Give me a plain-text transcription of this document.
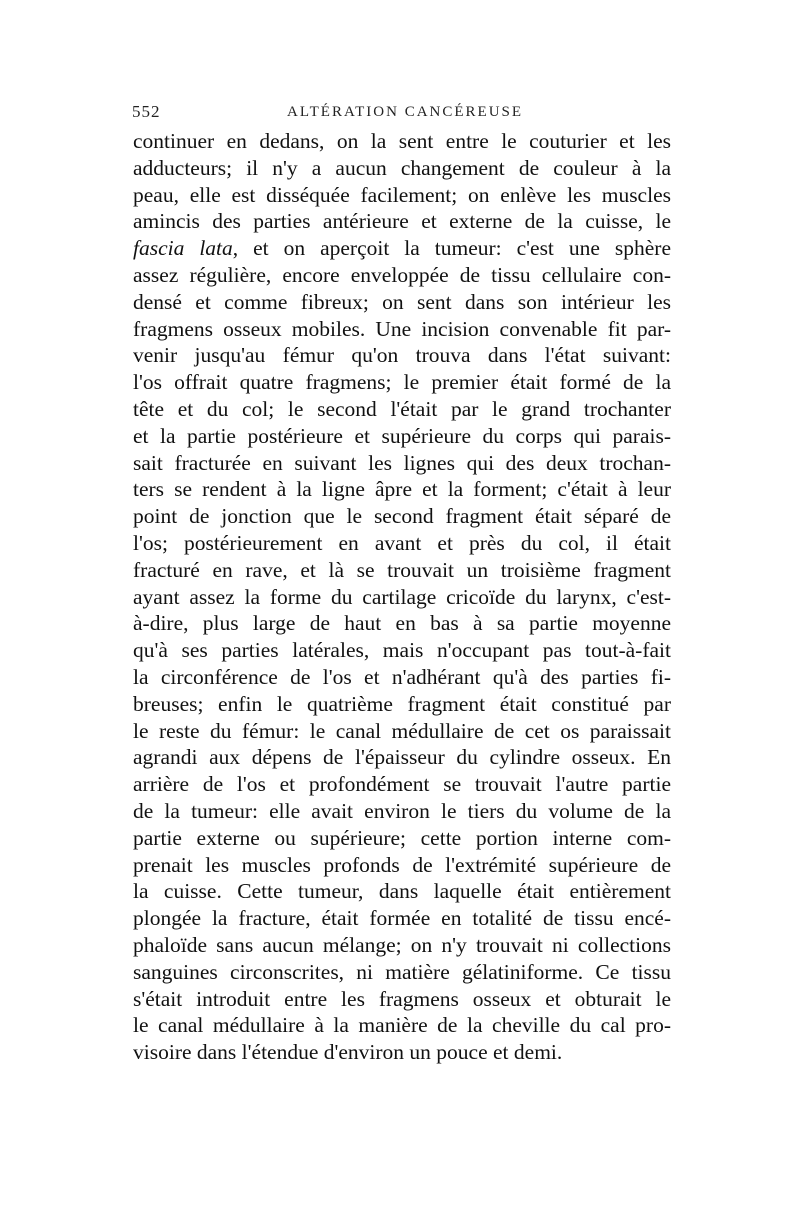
552	ALTÉRATION CANCÉREUSE
continuer en dedans, on la sent entre le couturier et les
adducteurs; il n'y a aucun changement de couleur à la
peau, elle est disséquée facilement; on enlève les muscles
amincis des parties antérieure et externe de la cuisse, le
fascia lata, et on aperçoit la tumeur: c'est une sphère
assez régulière, encore enveloppée de tissu cellulaire con-
densé et comme fibreux; on sent dans son intérieur les
fragmens osseux mobiles. Une incision convenable fit par-
venir jusqu'au fémur qu'on trouva dans l'état suivant:
l'os offrait quatre fragmens; le premier était formé de la
tête et du col; le second l'était par le grand trochanter
et la partie postérieure et supérieure du corps qui parais-
sait fracturée en suivant les lignes qui des deux trochan-
ters se rendent à la ligne âpre et la forment; c'était à leur
point de jonction que le second fragment était séparé de
l'os; postérieurement en avant et près du col, il était
fracturé en rave, et là se trouvait un troisième fragment
ayant assez la forme du cartilage cricoïde du larynx, c'est-
à-dire, plus large de haut en bas à sa partie moyenne
qu'à ses parties latérales, mais n'occupant pas tout-à-fait
la circonférence de l'os et n'adhérant qu'à des parties fi-
breuses; enfin le quatrième fragment était constitué par
le reste du fémur: le canal médullaire de cet os paraissait
agrandi aux dépens de l'épaisseur du cylindre osseux. En
arrière de l'os et profondément se trouvait l'autre partie
de la tumeur: elle avait environ le tiers du volume de la
partie externe ou supérieure; cette portion interne com-
prenait les muscles profonds de l'extrémité supérieure de
la cuisse. Cette tumeur, dans laquelle était entièrement
plongée la fracture, était formée en totalité de tissu encé-
phaloïde sans aucun mélange; on n'y trouvait ni collections
sanguines circonscrites, ni matière gélatiniforme. Ce tissu
s'était introduit entre les fragmens osseux et obturait le
le canal médullaire à la manière de la cheville du cal pro-
visoire dans l'étendue d'environ un pouce et demi.
